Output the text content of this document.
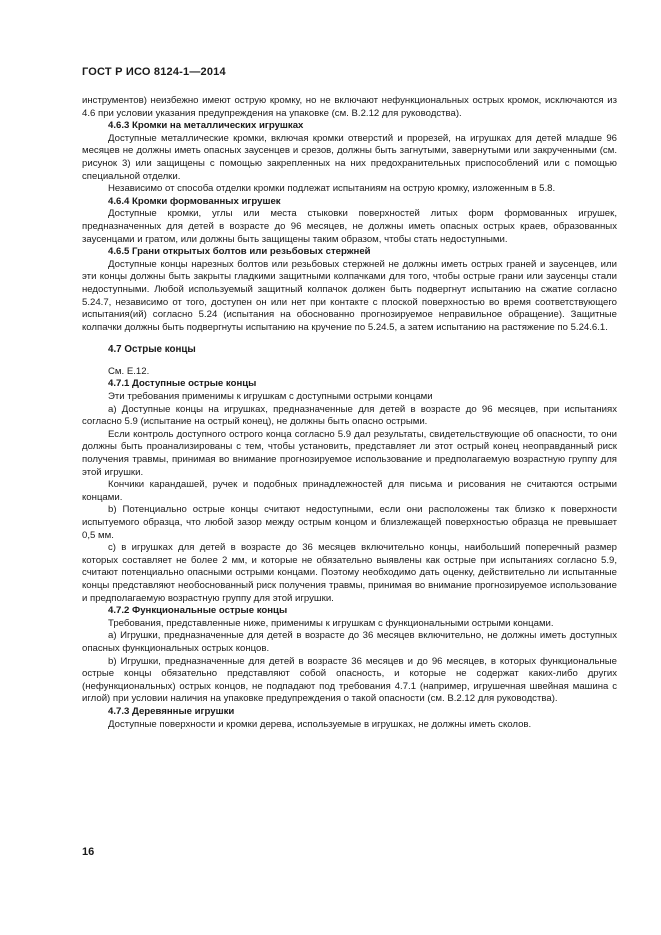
ГОСТ Р ИСО 8124-1—2014

инструментов) неизбежно имеют острую кромку, но не включают нефункциональных острых кромок, исключаются из 4.6 при условии указания предупреждения на упаковке (см. B.2.12 для руководства).

4.6.3 Кромки на металлических игрушках

Доступные металлические кромки, включая кромки отверстий и прорезей, на игрушках для детей младше 96 месяцев не должны иметь опасных заусенцев и срезов, должны быть загнутыми, завернутыми или закрученными (см. рисунок 3) или защищены с помощью закрепленных на них предохранительных приспособлений или с помощью специальной отделки.

Независимо от способа отделки кромки подлежат испытаниям на острую кромку, изложенным в 5.8.

4.6.4 Кромки формованных игрушек

Доступные кромки, углы или места стыковки поверхностей литых форм формованных игрушек, предназначенных для детей в возрасте до 96 месяцев, не должны иметь опасных острых краев, образованных заусенцами и гратом, или должны быть защищены таким образом, чтобы стать недоступными.

4.6.5 Грани открытых болтов или резьбовых стержней

Доступные концы нарезных болтов или резьбовых стержней не должны иметь острых граней и заусенцев, или эти концы должны быть закрыты гладкими защитными колпачками для того, чтобы острые грани или заусенцы стали недоступными. Любой используемый защитный колпачок должен быть подвергнут испытанию на сжатие согласно 5.24.7, независимо от того, доступен он или нет при контакте с плоской поверхностью во время соответствующего испытания(ий) согласно 5.24 (испытания на обоснованно прогнозируемое неправильное обращение). Защитные колпачки должны быть подвергнуты испытанию на кручение по 5.24.5, а затем испытанию на растяжение по 5.24.6.1.

4.7 Острые концы

См. E.12.

4.7.1 Доступные острые концы

Эти требования применимы к игрушкам с доступными острыми концами

a) Доступные концы на игрушках, предназначенные для детей в возрасте до 96 месяцев, при испытаниях согласно 5.9 (испытание на острый конец), не должны быть опасно острыми.

Если контроль доступного острого конца согласно 5.9 дал результаты, свидетельствующие об опасности, то они должны быть проанализированы с тем, чтобы установить, представляет ли этот острый конец неоправданный риск получения травмы, принимая во внимание прогнозируемое использование и предполагаемую возрастную группу для этой игрушки.

Кончики карандашей, ручек и подобных принадлежностей для письма и рисования не считаются острыми концами.

b) Потенциально острые концы считают недоступными, если они расположены так близко к поверхности испытуемого образца, что любой зазор между острым концом и близлежащей поверхностью образца не превышает 0,5 мм.

c) в игрушках для детей в возрасте до 36 месяцев включительно концы, наибольший поперечный размер которых составляет не более 2 мм, и которые не обязательно выявлены как острые при испытаниях согласно 5.9, считают потенциально опасными острыми концами. Поэтому необходимо дать оценку, действительно ли испытанные концы представляют необоснованный риск получения травмы, принимая во внимание прогнозируемое использование и предполагаемую возрастную группу для этой игрушки.

4.7.2 Функциональные острые концы

Требования, представленные ниже, применимы к игрушкам с функциональными острыми концами.

a) Игрушки, предназначенные для детей в возрасте до 36 месяцев включительно, не должны иметь доступных опасных функциональных острых концов.

b) Игрушки, предназначенные для детей в возрасте 36 месяцев и до 96 месяцев, в которых функциональные острые концы обязательно представляют собой опасность, и которые не содержат каких-либо других (нефункциональных) острых концов, не подпадают под требования 4.7.1 (например, игрушечная швейная машина с иглой) при условии наличия на упаковке предупреждения о такой опасности (см. B.2.12 для руководства).

4.7.3 Деревянные игрушки

Доступные поверхности и кромки дерева, используемые в игрушках, не должны иметь сколов.

16
